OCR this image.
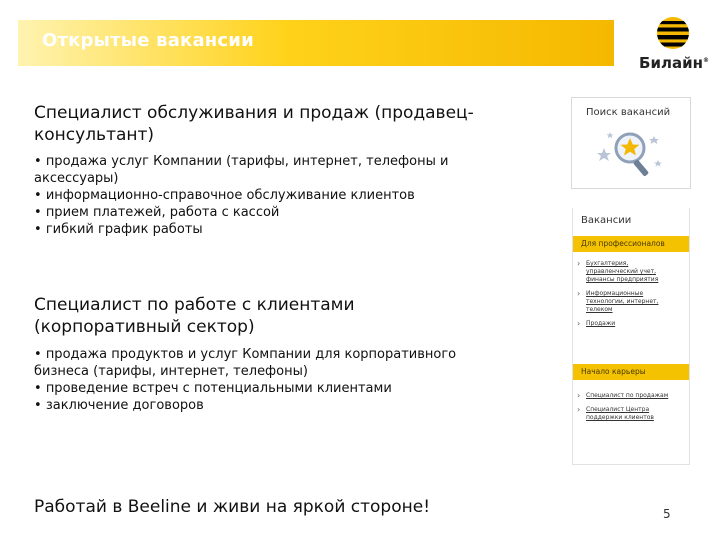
Открытые вакансии
Билайн®
Специалист обслуживания и продаж (продавец-
консультант)
• продажа услуг Компании (тарифы, интернет, телефоны и
аксессуары)
• информационно-справочное обслуживание клиентов
• прием платежей, работа с кассой
• гибкий график работы
Специалист по работе с клиентами
(корпоративный сектор)
• продажа продуктов и услуг Компании для корпоративного
бизнеса (тарифы, интернет, телефоны)
• проведение встреч с потенциальными клиентами
• заключение договоров
Работай в Beeline и живи на яркой стороне!	5
Поиск вакансий
Вакансии
Для профессионалов
› Бухгалтерия,
управленческий учет,
финансы предприятия
› Информационные
технологии, интернет,
телеком
› Продажи
Начало карьеры
› Специалист по продажам
› Специалист Центра
поддержки клиентов
